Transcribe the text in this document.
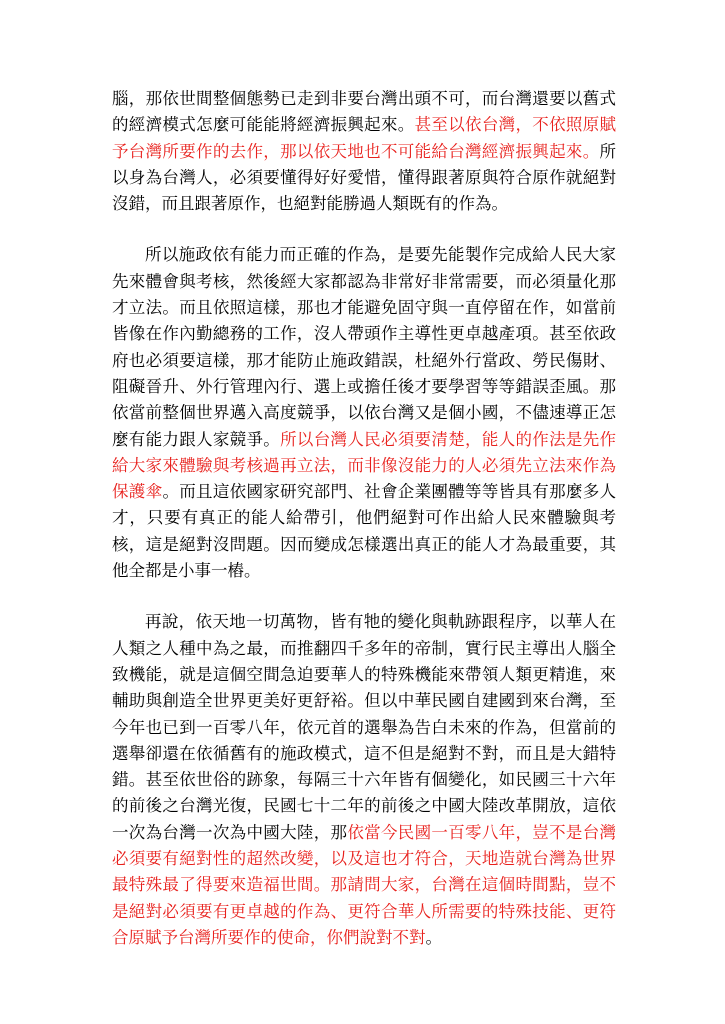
腦，那依世間整個態勢已走到非要台灣出頭不可，而台灣還要以舊式的經濟模式怎麼可能能將經濟振興起來。甚至以依台灣，不依照原賦予台灣所要作的去作，那以依天地也不可能給台灣經濟振興起來。所以身為台灣人，必須要懂得好好愛惜，懂得跟著原與符合原作就絕對沒錯，而且跟著原作，也絕對能勝過人類既有的作為。

所以施政依有能力而正確的作為，是要先能製作完成給人民大家先來體會與考核，然後經大家都認為非常好非常需要，而必須量化那才立法。而且依照這樣，那也才能避免固守與一直停留在作，如當前皆像在作內勤總務的工作，沒人帶頭作主導性更卓越產項。甚至依政府也必須要這樣，那才能防止施政錯誤，杜絕外行當政、勞民傷財、阻礙晉升、外行管理內行、選上或擔任後才要學習等等錯誤歪風。那依當前整個世界邁入高度競爭，以依台灣又是個小國，不儘速導正怎麼有能力跟人家競爭。所以台灣人民必須要清楚，能人的作法是先作給大家來體驗與考核過再立法，而非像沒能力的人必須先立法來作為保護傘。而且這依國家研究部門、社會企業團體等等皆具有那麼多人才，只要有真正的能人給帶引，他們絕對可作出給人民來體驗與考核，這是絕對沒問題。因而變成怎樣選出真正的能人才為最重要，其他全都是小事一樁。

再說，依天地一切萬物，皆有牠的變化與軌跡跟程序，以華人在人類之人種中為之最，而推翻四千多年的帝制，實行民主導出人腦全致機能，就是這個空間急迫要華人的特殊機能來帶領人類更精進，來輔助與創造全世界更美好更舒裕。但以中華民國自建國到來台灣，至今年也已到一百零八年，依元首的選舉為告白未來的作為，但當前的選舉卻還在依循舊有的施政模式，這不但是絕對不對，而且是大錯特錯。甚至依世俗的跡象，每隔三十六年皆有個變化，如民國三十六年的前後之台灣光復，民國七十二年的前後之中國大陸改革開放，這依一次為台灣一次為中國大陸，那依當今民國一百零八年，豈不是台灣必須要有絕對性的超然改變，以及這也才符合，天地造就台灣為世界最特殊最了得要來造福世間。那請問大家，台灣在這個時間點，豈不是絕對必須要有更卓越的作為、更符合華人所需要的特殊技能、更符合原賦予台灣所要作的使命，你們說對不對。
